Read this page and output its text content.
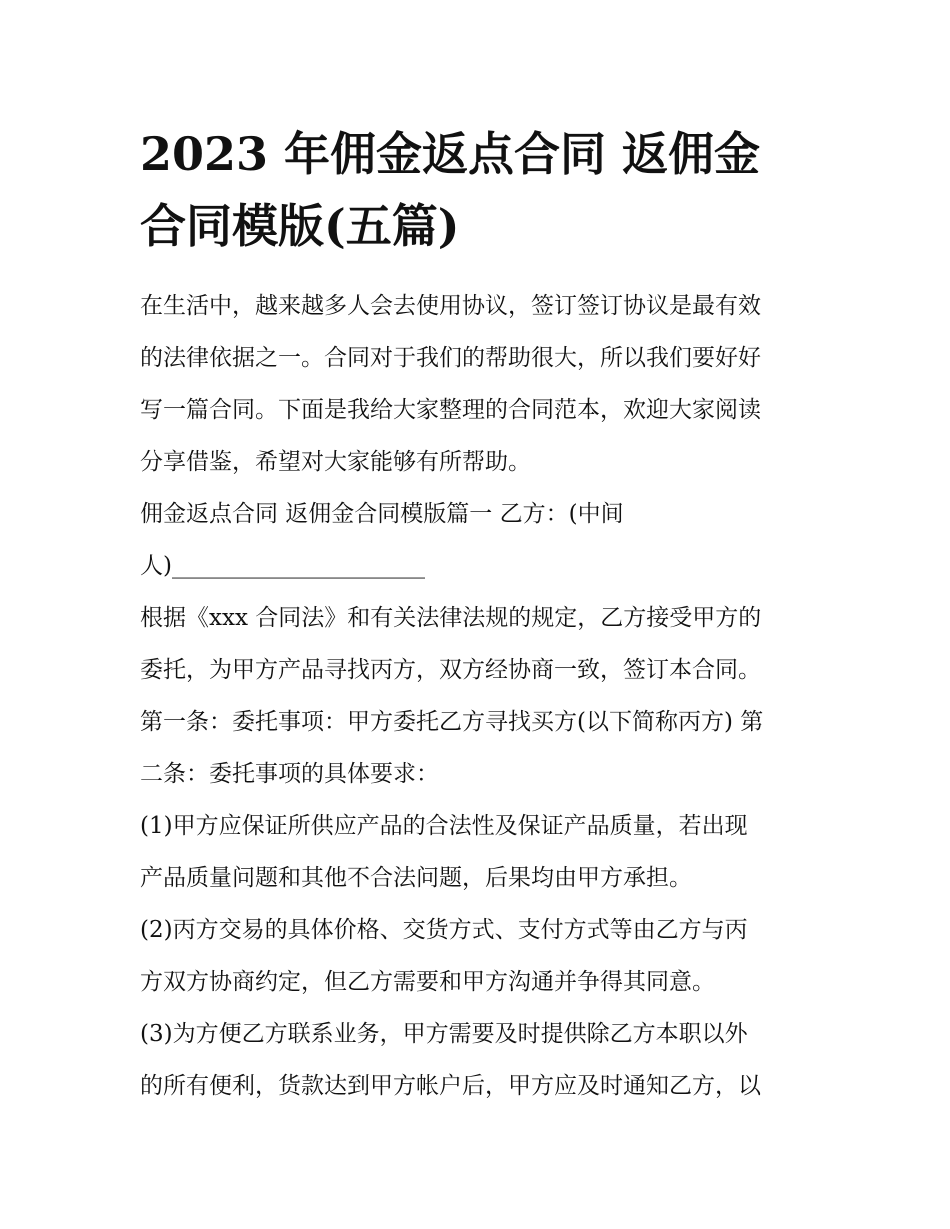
2023 年佣金返点合同 返佣金
合同模版(五篇)
在生活中，越来越多人会去使用协议，签订签订协议是最有效
的法律依据之一。合同对于我们的帮助很大，所以我们要好好
写一篇合同。下面是我给大家整理的合同范本，欢迎大家阅读
分享借鉴，希望对大家能够有所帮助。
佣金返点合同 返佣金合同模版篇一 乙方：(中间
人)______________________
根据《xxx 合同法》和有关法律法规的规定，乙方接受甲方的
委托，为甲方产品寻找丙方，双方经协商一致，签订本合同。
第一条：委托事项：甲方委托乙方寻找买方(以下简称丙方) 第
二条：委托事项的具体要求：
(1)甲方应保证所供应产品的合法性及保证产品质量，若出现
产品质量问题和其他不合法问题，后果均由甲方承担。
(2)丙方交易的具体价格、交货方式、支付方式等由乙方与丙
方双方协商约定，但乙方需要和甲方沟通并争得其同意。
(3)为方便乙方联系业务，甲方需要及时提供除乙方本职以外
的所有便利，货款达到甲方帐户后，甲方应及时通知乙方，以
